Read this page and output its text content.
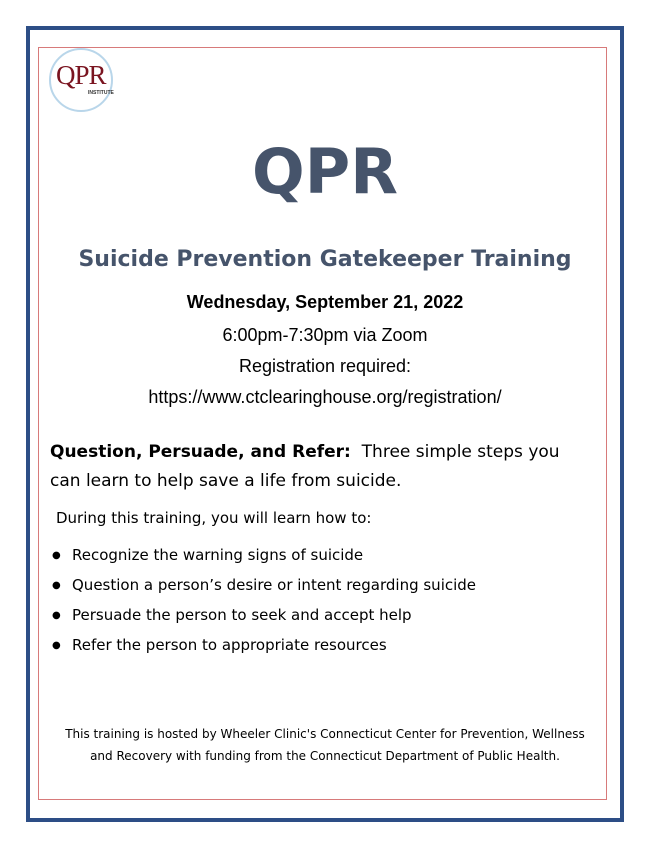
QPR
INSTITUTE
QPR
Suicide Prevention Gatekeeper Training
Wednesday, September 21, 2022
6:00pm-7:30pm via Zoom
Registration required:
https://www.ctclearinghouse.org/registration/
Question, Persuade, and Refer: Three simple steps you can learn to help save a life from suicide.
During this training, you will learn how to:
● Recognize the warning signs of suicide
● Question a person’s desire or intent regarding suicide
● Persuade the person to seek and accept help
● Refer the person to appropriate resources
This training is hosted by Wheeler Clinic's Connecticut Center for Prevention, Wellness
and Recovery with funding from the Connecticut Department of Public Health.
